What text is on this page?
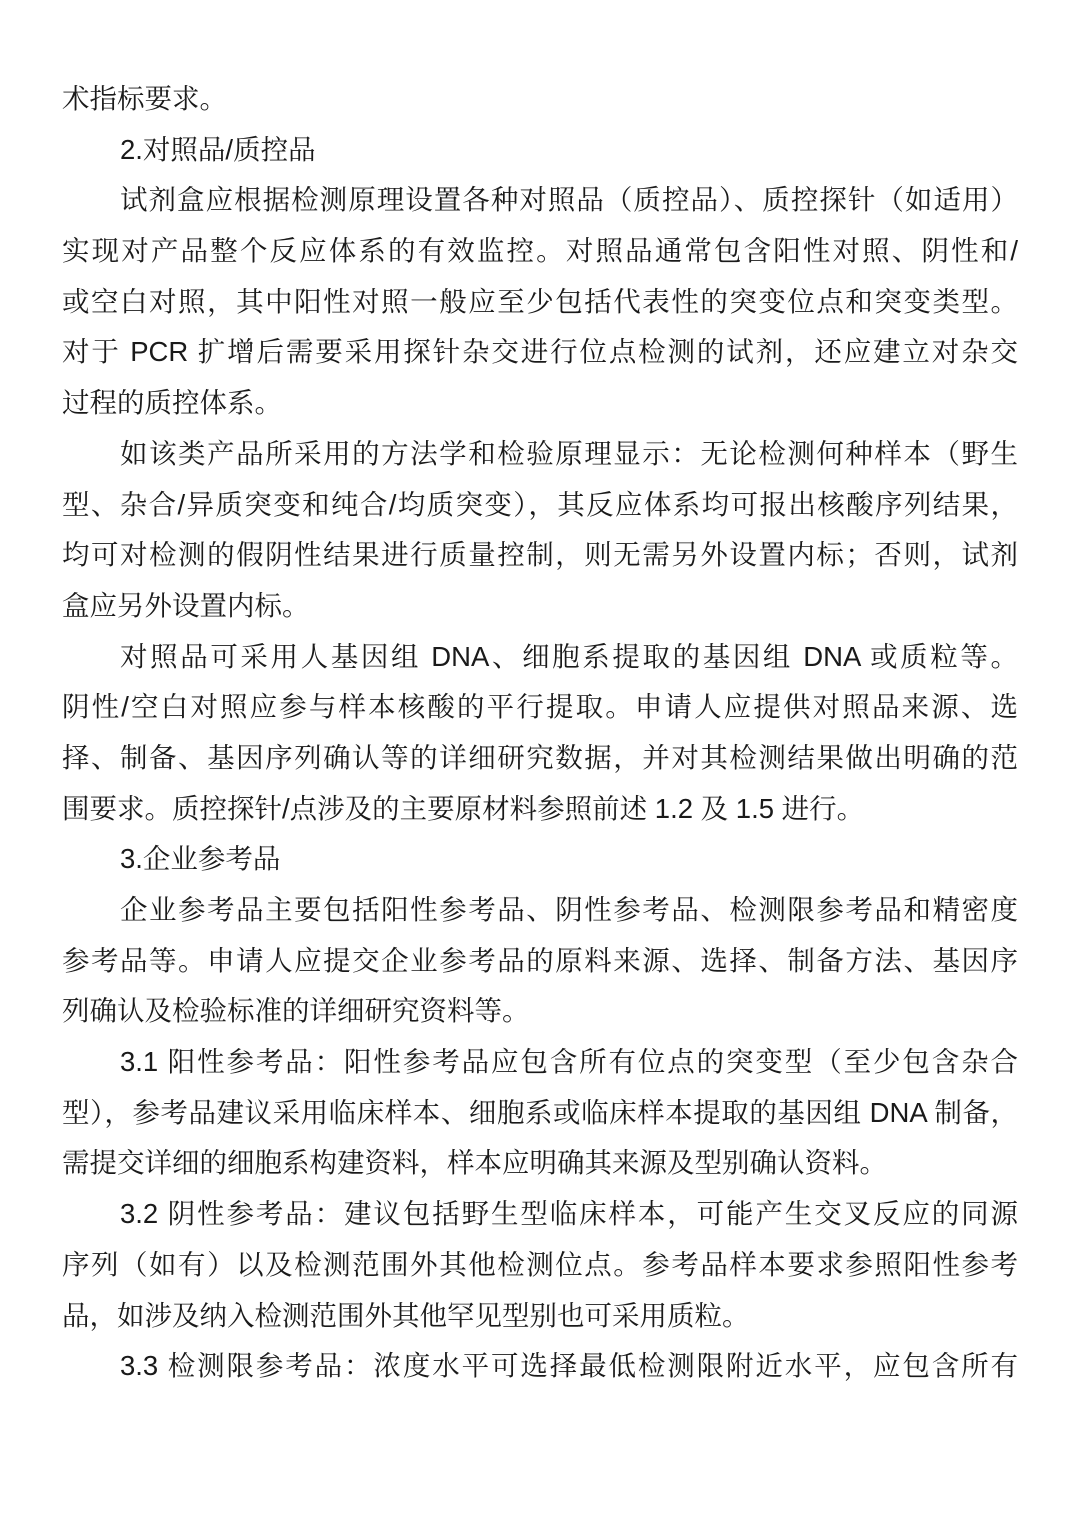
术指标要求。
2.对照品/质控品
试剂盒应根据检测原理设置各种对照品（质控品）、质控探针（如适用）
实现对产品整个反应体系的有效监控。对照品通常包含阳性对照、阴性和/
或空白对照，其中阳性对照一般应至少包括代表性的突变位点和突变类型。
对于 PCR 扩增后需要采用探针杂交进行位点检测的试剂，还应建立对杂交
过程的质控体系。
如该类产品所采用的方法学和检验原理显示：无论检测何种样本（野生
型、杂合/异质突变和纯合/均质突变），其反应体系均可报出核酸序列结果，
均可对检测的假阴性结果进行质量控制，则无需另外设置内标；否则，试剂
盒应另外设置内标。
对照品可采用人基因组 DNA、细胞系提取的基因组 DNA 或质粒等。
阴性/空白对照应参与样本核酸的平行提取。申请人应提供对照品来源、选
择、制备、基因序列确认等的详细研究数据，并对其检测结果做出明确的范
围要求。质控探针/点涉及的主要原材料参照前述 1.2 及 1.5 进行。
3.企业参考品
企业参考品主要包括阳性参考品、阴性参考品、检测限参考品和精密度
参考品等。申请人应提交企业参考品的原料来源、选择、制备方法、基因序
列确认及检验标准的详细研究资料等。
3.1 阳性参考品：阳性参考品应包含所有位点的突变型（至少包含杂合
型），参考品建议采用临床样本、细胞系或临床样本提取的基因组 DNA 制备，
需提交详细的细胞系构建资料，样本应明确其来源及型别确认资料。
3.2 阴性参考品：建议包括野生型临床样本，可能产生交叉反应的同源
序列（如有）以及检测范围外其他检测位点。参考品样本要求参照阳性参考
品，如涉及纳入检测范围外其他罕见型别也可采用质粒。
3.3 检测限参考品：浓度水平可选择最低检测限附近水平，应包含所有
